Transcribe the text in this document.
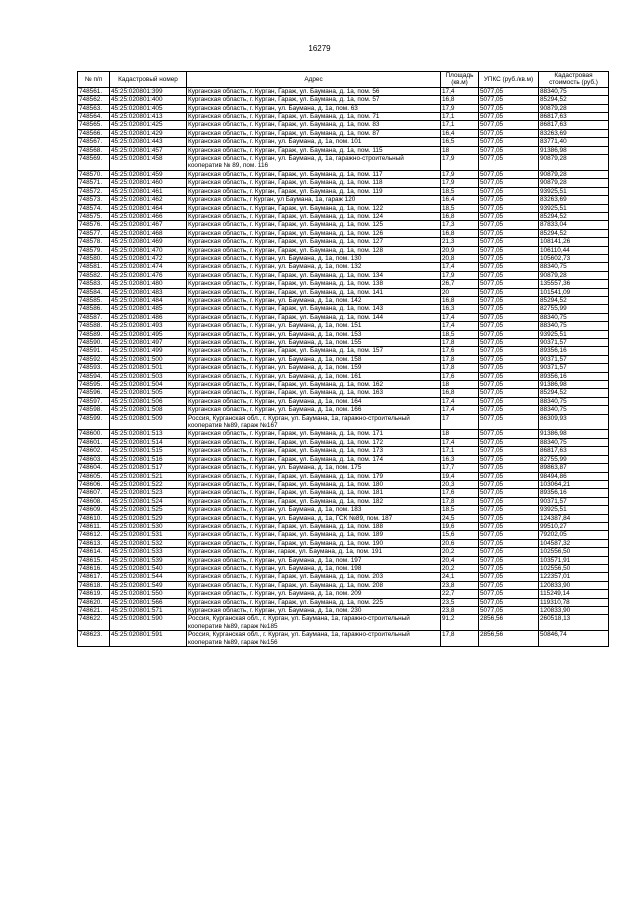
16279
№ п/п	Кадастровый номер	Адрес	Площадь (кв.м)	УПКС (руб./кв.м)	Кадастровая стоимость (руб.)
748561.	45:25:020801:399	Курганская область, г. Курган, Гараж, ул. Баумана, д. 1а, пом. 56	17,4	5077,05	88340,75
748562.	45:25:020801:400	Курганская область, г. Курган, Гараж, ул. Баумана, д. 1а, пом. 57	16,8	5077,05	85294,52
748563.	45:25:020801:405	Курганская область, г. Курган, ул. Баумана, д. 1а, пом. 63	17,9	5077,05	90879,28
748564.	45:25:020801:413	Курганская область, г. Курган, Гараж, ул. Баумана, д. 1а, пом. 71	17,1	5077,05	86817,63
748565.	45:25:020801:425	Курганская область, г. Курган, Гараж, ул. Баумана, д. 1а, пом. 83	17,1	5077,05	86817,63
748566.	45:25:020801:429	Курганская область, г. Курган, Гараж, ул. Баумана, д. 1а, пом. 87	16,4	5077,05	83263,69
748567.	45:25:020801:443	Курганская область, г. Курган, ул. Баумана, д. 1а, пом. 101	16,5	5077,05	83771,40
748568.	45:25:020801:457	Курганская область, г. Курган, Гараж, ул. Баумана, д. 1а, пом. 115	18	5077,05	91386,98
748569.	45:25:020801:458	Курганская область, г. Курган, ул. Баумана, д. 1а, гаражно-строительный кооператив № 89, пом. 116	17,9	5077,05	90879,28
748570.	45:25:020801:459	Курганская область, г. Курган, Гараж, ул. Баумана, д. 1а, пом. 117	17,9	5077,05	90879,28
748571.	45:25:020801:460	Курганская область, г. Курган, Гараж, ул. Баумана, д. 1а, пом. 118	17,9	5077,05	90879,28
748572.	45:25:020801:461	Курганская область, г. Курган, Гараж, ул. Баумана, д. 1а, пом. 119	18,5	5077,05	93925,51
748573.	45:25:020801:462	Курганская область, г Курган, ул Баумана, 1а, гараж 120	16,4	5077,05	83263,69
748574.	45:25:020801:464	Курганская область, г. Курган, Гараж, ул. Баумана, д. 1а, пом. 122	18,5	5077,05	93925,51
748575.	45:25:020801:466	Курганская область, г. Курган, Гараж, ул. Баумана, д. 1а, пом. 124	16,8	5077,05	85294,52
748576.	45:25:020801:467	Курганская область, г. Курган, Гараж, ул. Баумана, д. 1а, пом. 125	17,3	5077,05	87833,04
748577.	45:25:020801:468	Курганская область, г. Курган, Гараж, ул. Баумана, д. 1а, пом. 126	16,8	5077,05	85294,52
748578.	45:25:020801:469	Курганская область, г. Курган, Гараж, ул. Баумана, д. 1а, пом. 127	21,3	5077,05	108141,26
748579.	45:25:020801:470	Курганская область, г. Курган, Гараж, ул. Баумана, д. 1а, пом. 128	20,9	5077,05	106110,44
748580.	45:25:020801:472	Курганская область, г. Курган, ул. Баумана, д. 1а, пом. 130	20,8	5077,05	105602,73
748581.	45:25:020801:474	Курганская область, г. Курган, ул. Баумана, д. 1а, пом. 132	17,4	5077,05	88340,75
748582.	45:25:020801:476	Курганская область, г. Курган, Гараж, ул. Баумана, д. 1а, пом. 134	17,9	5077,05	90879,28
748583.	45:25:020801:480	Курганская область, г. Курган, Гараж, ул. Баумана, д. 1а, пом. 138	26,7	5077,05	135557,36
748584.	45:25:020801:483	Курганская область, г. Курган, Гараж, ул. Баумана, д. 1а, пом. 141	20	5077,05	101541,09
748585.	45:25:020801:484	Курганская область, г. Курган, ул. Баумана, д. 1а, пом. 142	16,8	5077,05	85294,52
748586.	45:25:020801:485	Курганская область, г. Курган, Гараж, ул. Баумана, д. 1а, пом. 143	16,3	5077,05	82755,99
748587.	45:25:020801:486	Курганская область, г. Курган, Гараж, ул. Баумана, д. 1а, пом. 144	17,4	5077,05	88340,75
748588.	45:25:020801:493	Курганская область, г. Курган, ул. Баумана, д. 1а, пом. 151	17,4	5077,05	88340,75
748589.	45:25:020801:495	Курганская область, г. Курган, ул. Баумана, д. 1а, пом. 153	18,5	5077,05	93925,51
748590.	45:25:020801:497	Курганская область, г. Курган, ул. Баумана, д. 1а, пом. 155	17,8	5077,05	90371,57
748591.	45:25:020801:499	Курганская область, г. Курган, Гараж, ул. Баумана, д. 1а, пом. 157	17,6	5077,05	89356,16
748592.	45:25:020801:500	Курганская область, г. Курган, ул. Баумана, д. 1а, пом. 158	17,8	5077,05	90371,57
748593.	45:25:020801:501	Курганская область, г. Курган, ул. Баумана, д. 1а, пом. 159	17,8	5077,05	90371,57
748594.	45:25:020801:503	Курганская область, г. Курган, ул. Баумана, д. 1а, пом. 161	17,6	5077,05	89356,16
748595.	45:25:020801:504	Курганская область, г. Курган, Гараж, ул. Баумана, д. 1а, пом. 162	18	5077,05	91386,98
748596.	45:25:020801:505	Курганская область, г. Курган, Гараж, ул. Баумана, д. 1а, пом. 163	16,8	5077,05	85294,52
748597.	45:25:020801:506	Курганская область, г. Курган, ул. Баумана, д. 1а, пом. 164	17,4	5077,05	88340,75
748598.	45:25:020801:508	Курганская область, г. Курган, ул. Баумана, д. 1а, пом. 166	17,4	5077,05	88340,75
748599.	45:25:020801:509	Россия, Курганская обл., г. Курган, ул. Баумана, 1а, гаражно-строительный кооператив №89, гараж №167	17	5077,05	86309,93
748600.	45:25:020801:513	Курганская область, г. Курган, Гараж, ул. Баумана, д. 1а, пом. 171	18	5077,05	91386,98
748601.	45:25:020801:514	Курганская область, г. Курган, Гараж, ул. Баумана, д. 1а, пом. 172	17,4	5077,05	88340,75
748602.	45:25:020801:515	Курганская область, г. Курган, Гараж, ул. Баумана, д. 1а, пом. 173	17,1	5077,05	86817,63
748603.	45:25:020801:516	Курганская область, г. Курган, Гараж, ул. Баумана, д. 1а, пом. 174	16,3	5077,05	82755,99
748604.	45:25:020801:517	Курганская область, г. Курган, ул. Баумана, д. 1а, пом. 175	17,7	5077,05	89863,87
748605.	45:25:020801:521	Курганская область, г. Курган, Гараж, ул. Баумана, д. 1а, пом. 179	19,4	5077,05	98494,86
748606.	45:25:020801:522	Курганская область, г. Курган, Гараж, ул. Баумана, д. 1а, пом. 180	20,3	5077,05	103064,21
748607.	45:25:020801:523	Курганская область, г. Курган, Гараж, ул. Баумана, д. 1а, пом. 181	17,6	5077,05	89356,16
748608.	45:25:020801:524	Курганская область, г. Курган, Гараж, ул. Баумана, д. 1а, пом. 182	17,8	5077,05	90371,57
748609.	45:25:020801:525	Курганская область, г. Курган, ул. Баумана, д. 1а, пом. 183	18,5	5077,05	93925,51
748610.	45:25:020801:529	Курганская область, г. Курган, ул. Баумана, д. 1а, ГСК №89, пом. 187	24,5	5077,05	124387,84
748611.	45:25:020801:530	Курганская область, г. Курган, Гараж, ул. Баумана, д. 1а, пом. 188	19,6	5077,05	99510,27
748612.	45:25:020801:531	Курганская область, г. Курган, Гараж, ул. Баумана, д. 1а, пом. 189	15,6	5077,05	79202,05
748613.	45:25:020801:532	Курганская область, г. Курган, Гараж, ул. Баумана, д. 1а, пом. 190	20,6	5077,05	104587,32
748614.	45:25:020801:533	Курганская область, г. Курган, гараж, ул. Баумана, д. 1а, пом. 191	20,2	5077,05	102556,50
748615.	45:25:020801:539	Курганская область, г. Курган, ул. Баумана, д. 1а, пом. 197	20,4	5077,05	103571,91
748616.	45:25:020801:540	Курганская область, г. Курган, ул. Баумана, д. 1а, пом. 198	20,2	5077,05	102556,50
748617.	45:25:020801:544	Курганская область, г. Курган, Гараж, ул. Баумана, д. 1а, пом. 203	24,1	5077,05	122357,01
748618.	45:25:020801:549	Курганская область, г. Курган, Гараж, ул. Баумана, д. 1а, пом. 208	23,8	5077,05	120833,90
748619.	45:25:020801:550	Курганская область, г. Курган, ул. Баумана, д. 1а, пом. 209	22,7	5077,05	115249,14
748620.	45:25:020801:566	Курганская область, г. Курган, Гараж, ул. Баумана, д. 1а, пом. 225	23,5	5077,05	119310,78
748621.	45:25:020801:571	Курганская область, г. Курган, ул. Баумана, д. 1а, пом. 230	23,8	5077,05	120833,90
748622.	45:25:020801:590	Россия, Курганская обл., г. Курган, ул. Баумана, 1а, гаражно-строительный кооператив №89, гараж №185	91,2	2856,56	260518,13
748623.	45:25:020801:591	Россия, Курганская обл., г. Курган, ул. Баумана, 1а, гаражно-строительный кооператив №89, гараж №156	17,8	2856,56	50846,74
